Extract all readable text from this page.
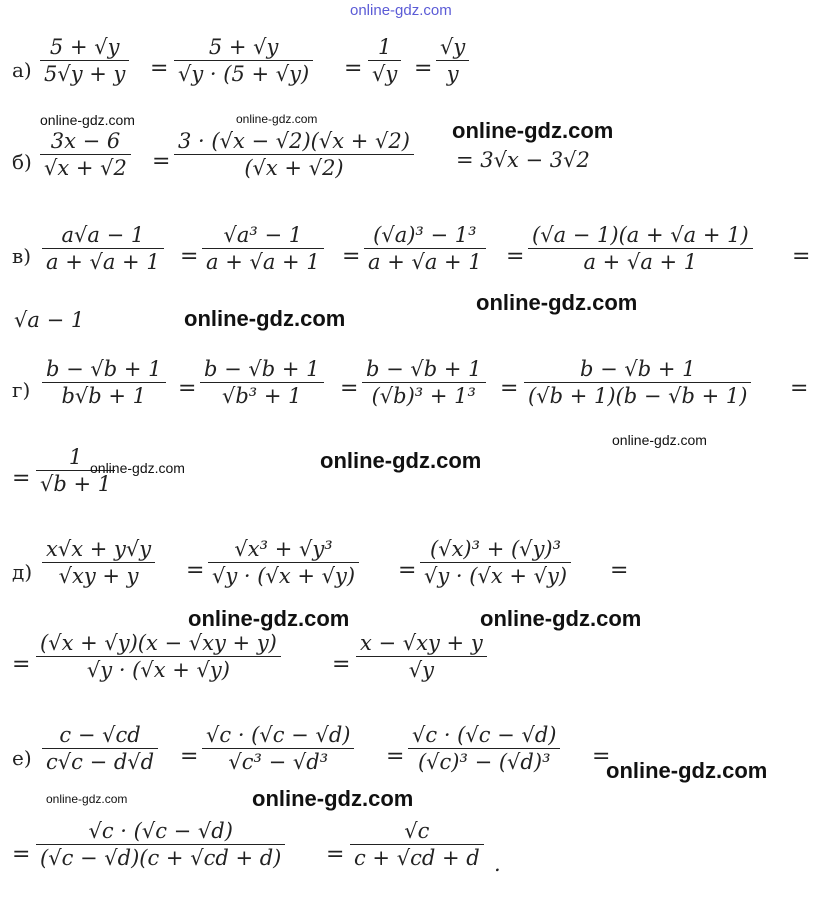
online-gdz.com
а)
5 + √y
5√y + y =
5 + √y
√y · (5 + √y) =
1
√y =
√y
y
online-gdz.com	online-gdz.com
б)
3x − 6
√x + √2 =
3 · (√x − √2)(√x + √2)
(√x + √2)	= 3√x − 3√2
online-gdz.com
в)
a√a − 1
a + √a + 1 =
√a³ − 1
a + √a + 1 =
(√a)³ − 1³
a + √a + 1 =
(√a − 1)(a + √a + 1)
a + √a + 1	=
√a − 1	online-gdz.com
online-gdz.com
г)
b − √b + 1
b√b + 1 =
b − √b + 1
√b³ + 1 =
b − √b + 1
(√b)³ + 1³ =
b − √b + 1
(√b + 1)(b − √b + 1) =
online-gdz.com
=
1
√b + 1
online-gdz.com	online-gdz.com
д)
x√x + y√y
√xy + y =
√x³ + √y³
√y · (√x + √y) =
(√x)³ + (√y)³
√y · (√x + √y) =
online-gdz.com	online-gdz.com
=
(√x + √y)(x − √xy + y)
√y · (√x + √y)	=
x − √xy + y
√y
е)
c − √cd
c√c − d√d =
√c · (√c − √d)
√c³ − √d³	=
√c · (√c − √d)
(√c)³ − (√d)³ =
online-gdz.com
online-gdz.com	online-gdz.com
=
√c · (√c − √d)
(√c − √d)(c + √cd + d) =
√c
c + √cd + d .
